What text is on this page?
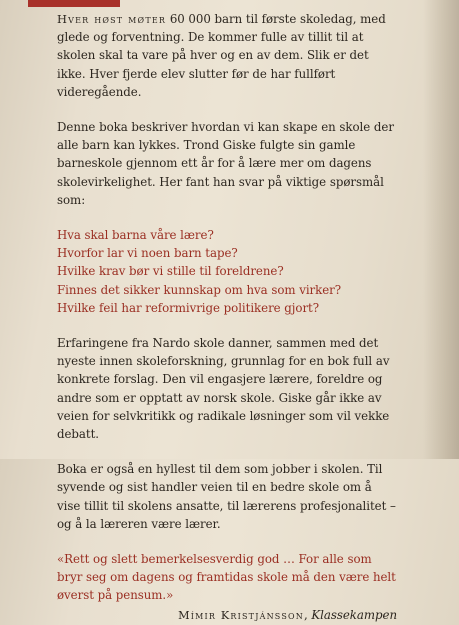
Hver høst møter 60 000 barn til første skoledag, med glede og forventning. De kommer fulle av tillit til at skolen skal ta vare på hver og en av dem. Slik er det ikke. Hver fjerde elev slutter før de har fullført videregående.

Denne boka beskriver hvordan vi kan skape en skole der alle barn kan lykkes. Trond Giske fulgte sin gamle barneskole gjennom ett år for å lære mer om dagens skolevirkelighet. Her fant han svar på viktige spørsmål som:

Hva skal barna våre lære?
Hvorfor lar vi noen barn tape?
Hvilke krav bør vi stille til foreldrene?
Finnes det sikker kunnskap om hva som virker?
Hvilke feil har reformivrige politikere gjort?

Erfaringene fra Nardo skole danner, sammen med det nyeste innen skoleforskning, grunnlag for en bok full av konkrete forslag. Den vil engasjere lærere, foreldre og andre som er opptatt av norsk skole. Giske går ikke av veien for selvkritikk og radikale løsninger som vil vekke debatt.

Boka er også en hyllest til dem som jobber i skolen. Til syvende og sist handler veien til en bedre skole om å vise tillit til skolens ansatte, til lærerens profesjonalitet – og å la læreren være lærer.

«Rett og slett bemerkelsesverdig god … For alle som bryr seg om dagens og framtidas skole må den være helt øverst på pensum.»

Mímir Kristjánsson, Klassekampen
